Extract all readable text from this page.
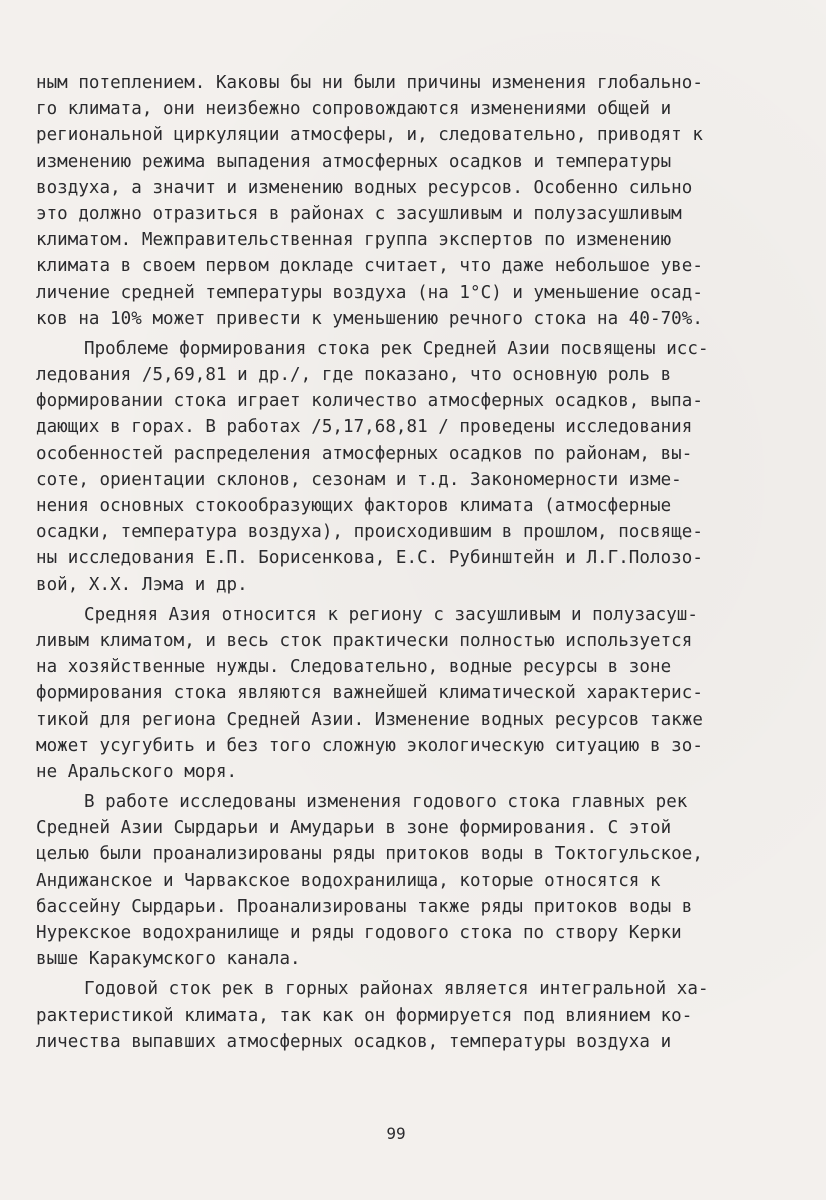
ным потеплением. Каковы бы ни были причины изменения глобально-
го климата, они неизбежно сопровождаются изменениями общей и
региональной циркуляции атмосферы, и, следовательно, приводят к
изменению режима выпадения атмосферных осадков и температуры
воздуха, а значит и изменению водных ресурсов. Особенно сильно
это должно отразиться в районах с засушливым и полузасушливым
климатом. Межправительственная группа экспертов по изменению
климата в своем первом докладе считает, что даже небольшое уве-
личение средней температуры воздуха (на 1°С) и уменьшение осад-
ков на 10% может привести к уменьшению речного стока на 40-70%.
Проблеме формирования стока рек Средней Азии посвящены исс-
ледования /5,69,81 и др./, где показано, что основную роль в
формировании стока играет количество атмосферных осадков, выпа-
дающих в горах. В работах /5,17,68,81 / проведены исследования
особенностей распределения атмосферных осадков по районам, вы-
соте, ориентации склонов, сезонам и т.д. Закономерности изме-
нения основных стокообразующих факторов климата (атмосферные
осадки, температура воздуха), происходившим в прошлом, посвяще-
ны исследования Е.П. Борисенкова, Е.С. Рубинштейн и Л.Г.Полозо-
вой, Х.Х. Лэма и др.
Средняя Азия относится к региону с засушливым и полузасуш-
ливым климатом, и весь сток практически полностью используется
на хозяйственные нужды. Следовательно, водные ресурсы в зоне
формирования стока являются важнейшей климатической характерис-
тикой для региона Средней Азии. Изменение водных ресурсов также
может усугубить и без того сложную экологическую ситуацию в зо-
не Аральского моря.
В работе исследованы изменения годового стока главных рек
Средней Азии Сырдарьи и Амударьи в зоне формирования. С этой
целью были проанализированы ряды притоков воды в Токтогульское,
Андижанское и Чарвакское водохранилища, которые относятся к
бассейну Сырдарьи. Проанализированы также ряды притоков воды в
Нурекское водохранилище и ряды годового стока по створу Керки
выше Каракумского канала.
Годовой сток рек в горных районах является интегральной ха-
рактеристикой климата, так как он формируется под влиянием ко-
личества выпавших атмосферных осадков, температуры воздуха и
99
